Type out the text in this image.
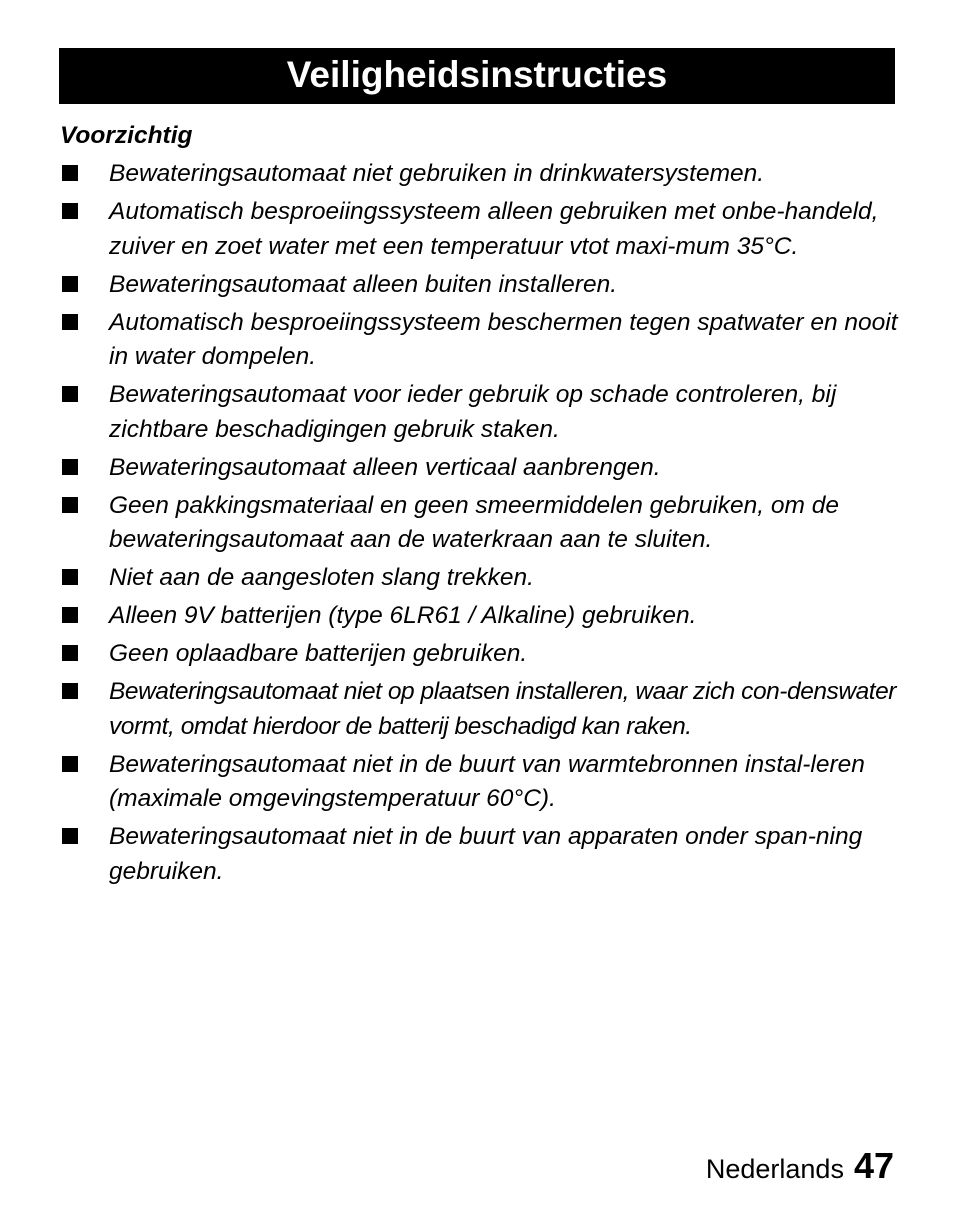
Veiligheidsinstructies
Voorzichtig
Bewateringsautomaat niet gebruiken in drinkwatersystemen.
Automatisch besproeiingssysteem alleen gebruiken met onbe-handeld, zuiver en zoet water met een temperatuur vtot maxi-mum 35°C.
Bewateringsautomaat alleen buiten installeren.
Automatisch besproeiingssysteem beschermen tegen spatwater en nooit in water dompelen.
Bewateringsautomaat voor ieder gebruik op schade controleren, bij zichtbare beschadigingen gebruik staken.
Bewateringsautomaat alleen verticaal aanbrengen.
Geen pakkingsmateriaal en geen smeermiddelen gebruiken, om de bewateringsautomaat aan de waterkraan aan te sluiten.
Niet aan de aangesloten slang trekken.
Alleen 9V batterijen (type 6LR61 / Alkaline) gebruiken.
Geen oplaadbare batterijen gebruiken.
Bewateringsautomaat niet op plaatsen installeren, waar zich con-denswater vormt, omdat hierdoor de batterij beschadigd kan raken.
Bewateringsautomaat niet in de buurt van warmtebronnen instal-leren (maximale omgevingstemperatuur 60°C).
Bewateringsautomaat niet in de buurt van apparaten onder span-ning gebruiken.
Nederlands 47
